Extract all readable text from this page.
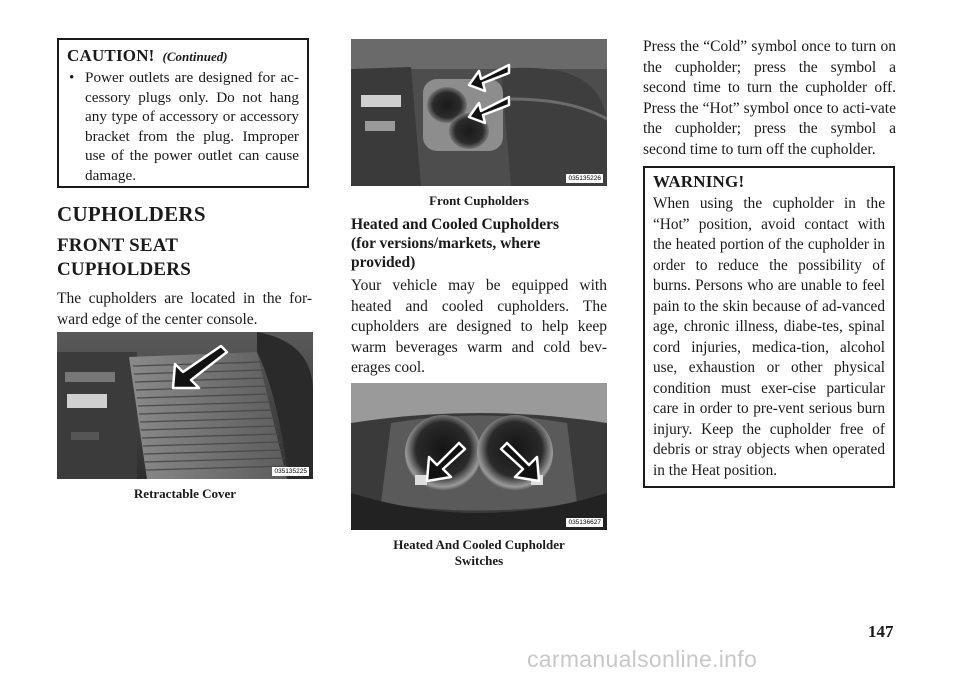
CAUTION! (Continued)
• Power outlets are designed for ac-cessory plugs only. Do not hang any type of accessory or accessory bracket from the plug. Improper use of the power outlet can cause damage.
CUPHOLDERS
FRONT SEAT
CUPHOLDERS
The cupholders are located in the for-ward edge of the center console.
035135225
Retractable Cover
035135226
Front Cupholders
Heated and Cooled Cupholders
(for versions/markets, where
provided)
Your vehicle may be equipped with heated and cooled cupholders. The cupholders are designed to help keep warm beverages warm and cold bev-erages cool.
035136627
Heated And Cooled Cupholder
Switches
Press the “Cold” symbol once to turn on the cupholder; press the symbol a second time to turn the cupholder off. Press the “Hot” symbol once to acti-vate the cupholder; press the symbol a second time to turn off the cupholder.
WARNING!
When using the cupholder in the “Hot” position, avoid contact with the heated portion of the cupholder in order to reduce the possibility of burns. Persons who are unable to feel pain to the skin because of ad-vanced age, chronic illness, diabe-tes, spinal cord injuries, medica-tion, alcohol use, exhaustion or other physical condition must exer-cise particular care in order to pre-vent serious burn injury. Keep the cupholder free of debris or stray objects when operated in the Heat position.
147
carmanualsonline.info
